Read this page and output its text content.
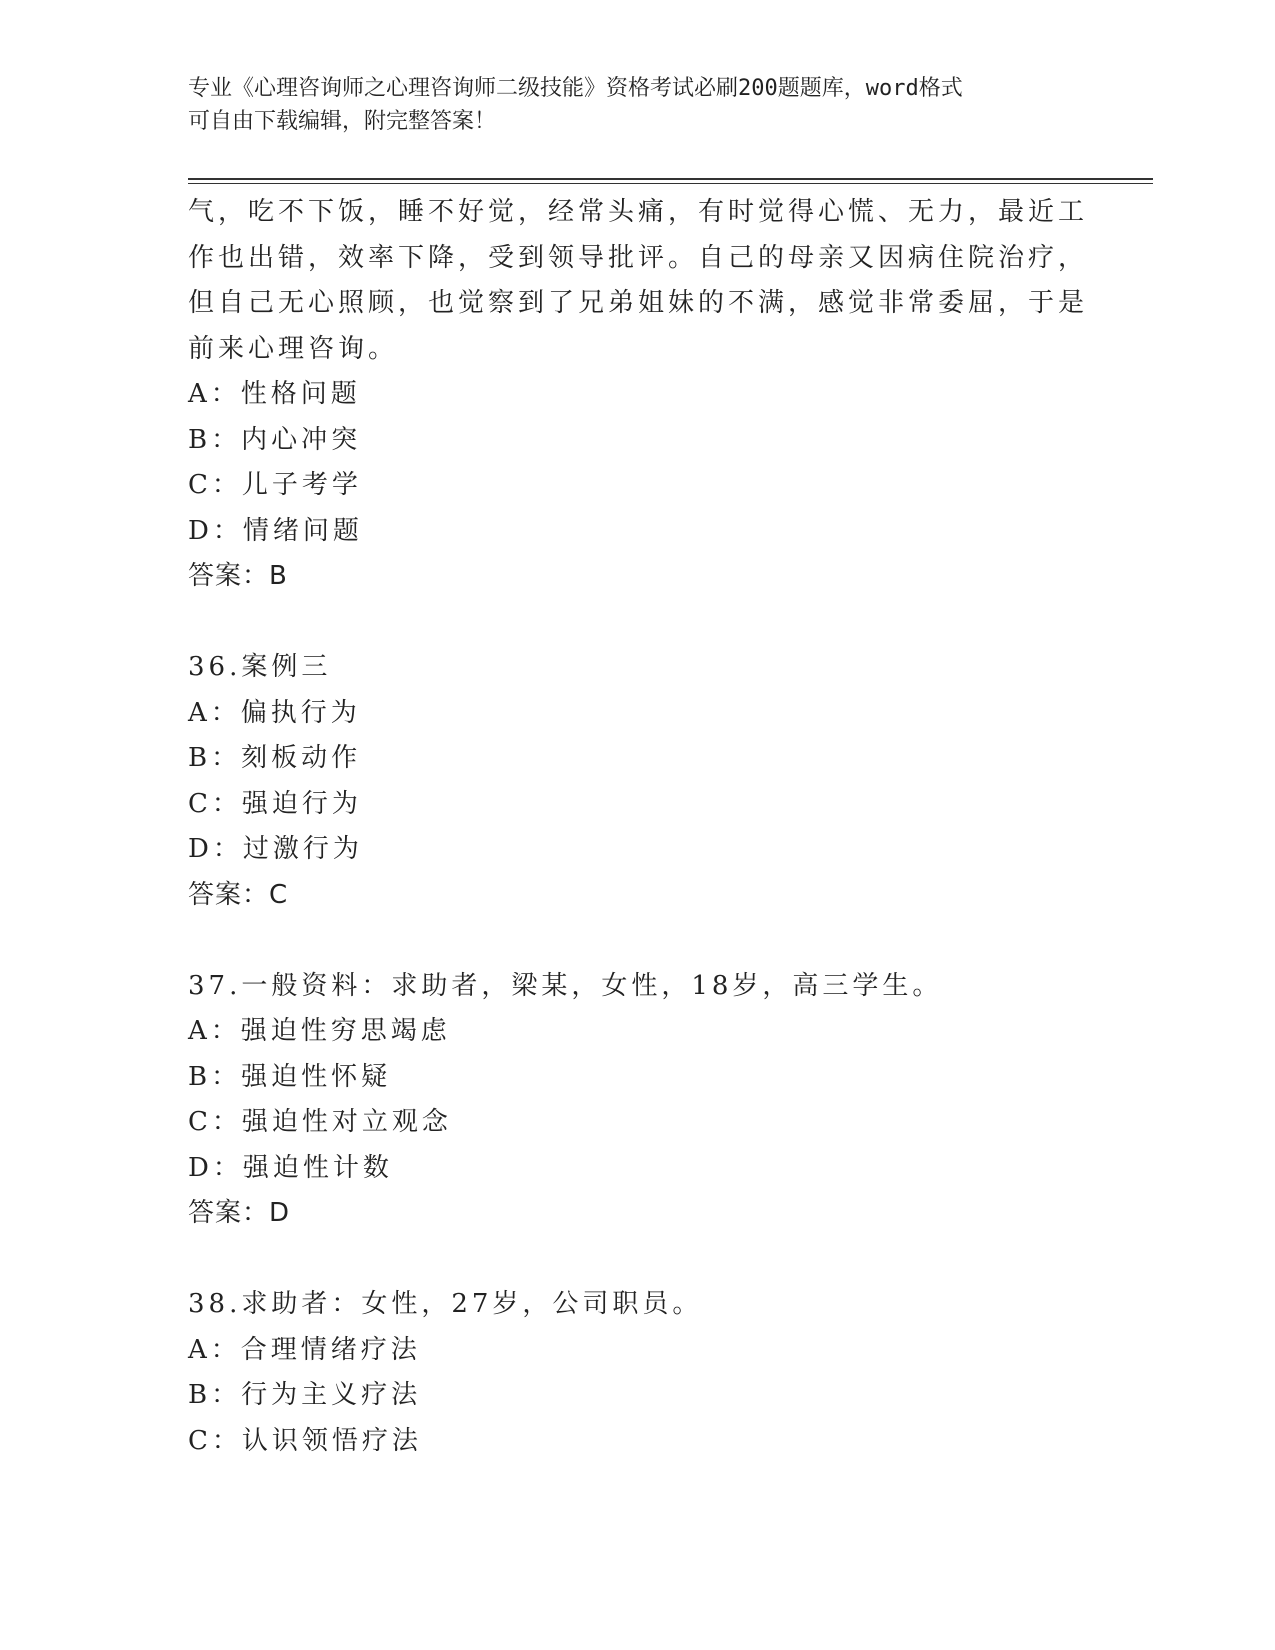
专业《心理咨询师之心理咨询师二级技能》资格考试必刷200题题库，word格式
可自由下载编辑，附完整答案！
气，吃不下饭，睡不好觉，经常头痛，有时觉得心慌、无力，最近工
作也出错，效率下降，受到领导批评。自己的母亲又因病住院治疗，
但自己无心照顾，也觉察到了兄弟姐妹的不满，感觉非常委屈，于是
前来心理咨询。
A：性格问题
B：内心冲突
C：儿子考学
D：情绪问题
答案：B
36.案例三
A：偏执行为
B：刻板动作
C：强迫行为
D：过激行为
答案：C
37.一般资料：求助者，梁某，女性，18岁，高三学生。
A：强迫性穷思竭虑
B：强迫性怀疑
C：强迫性对立观念
D：强迫性计数
答案：D
38.求助者：女性，27岁，公司职员。
A：合理情绪疗法
B：行为主义疗法
C：认识领悟疗法
